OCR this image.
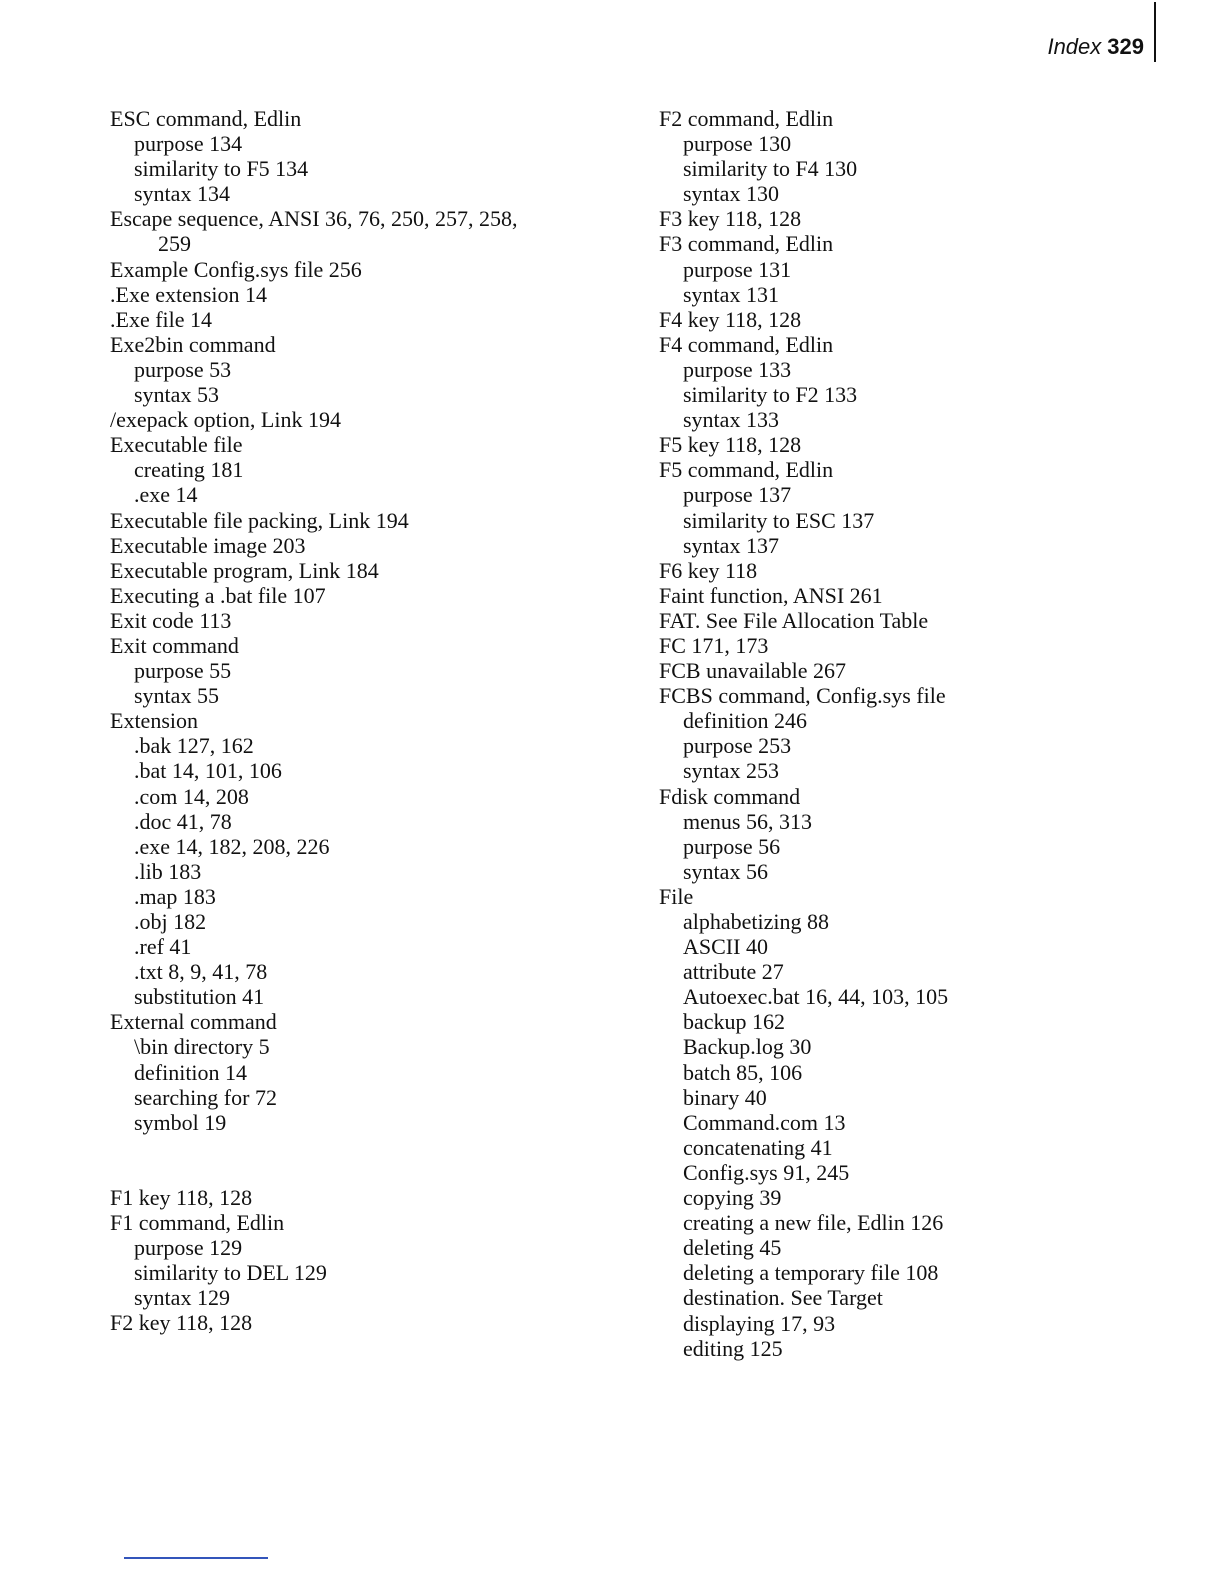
Index 329
ESC command, Edlin
purpose 134
similarity to F5 134
syntax 134
Escape sequence, ANSI 36, 76, 250, 257, 258,
259
Example Config.sys file 256
.Exe extension 14
.Exe file 14
Exe2bin command
purpose 53
syntax 53
/exepack option, Link 194
Executable file
creating 181
.exe 14
Executable file packing, Link 194
Executable image 203
Executable program, Link 184
Executing a .bat file 107
Exit code 113
Exit command
purpose 55
syntax 55
Extension
.bak 127, 162
.bat 14, 101, 106
.com 14, 208
.doc 41, 78
.exe 14, 182, 208, 226
.lib 183
.map 183
.obj 182
.ref 41
.txt 8, 9, 41, 78
substitution 41
External command
\bin directory 5
definition 14
searching for 72
symbol 19
F1 key 118, 128
F1 command, Edlin
purpose 129
similarity to DEL 129
syntax 129
F2 key 118, 128
F2 command, Edlin
purpose 130
similarity to F4 130
syntax 130
F3 key 118, 128
F3 command, Edlin
purpose 131
syntax 131
F4 key 118, 128
F4 command, Edlin
purpose 133
similarity to F2 133
syntax 133
F5 key 118, 128
F5 command, Edlin
purpose 137
similarity to ESC 137
syntax 137
F6 key 118
Faint function, ANSI 261
FAT. See File Allocation Table
FC 171, 173
FCB unavailable 267
FCBS command, Config.sys file
definition 246
purpose 253
syntax 253
Fdisk command
menus 56, 313
purpose 56
syntax 56
File
alphabetizing 88
ASCII 40
attribute 27
Autoexec.bat 16, 44, 103, 105
backup 162
Backup.log 30
batch 85, 106
binary 40
Command.com 13
concatenating 41
Config.sys 91, 245
copying 39
creating a new file, Edlin 126
deleting 45
deleting a temporary file 108
destination. See Target
displaying 17, 93
editing 125
